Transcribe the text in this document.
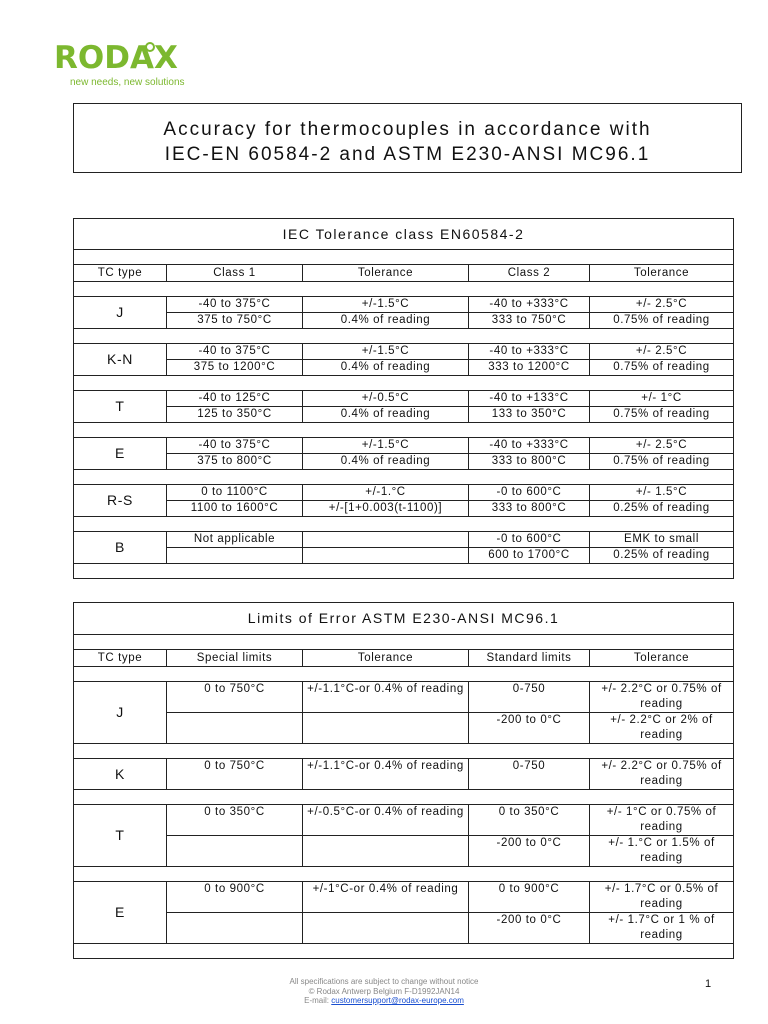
RODAX
new needs, new solutions
Accuracy for thermocouples in accordance with
IEC-EN 60584-2 and ASTM E230-ANSI MC96.1
IEC Tolerance class EN60584-2				

TC type	Class 1	Tolerance	Class 2	Tolerance

J	-40 to 375°C	+/-1.5°C	-40 to +333°C	+/- 2.5°C
	375 to 750°C	0.4% of reading	333 to 750°C	0.75% of reading

K-N	-40 to 375°C	+/-1.5°C	-40 to +333°C	+/- 2.5°C
	375 to 1200°C	0.4% of reading	333 to 1200°C	0.75% of reading

T	-40 to 125°C	+/-0.5°C	-40 to +133°C	+/- 1°C
	125 to 350°C	0.4% of reading	133 to 350°C	0.75% of reading

E	-40 to 375°C	+/-1.5°C	-40 to +333°C	+/- 2.5°C
	375 to 800°C	0.4% of reading	333 to 800°C	0.75% of reading

R-S	0 to 1100°C	+/-1.°C	-0 to 600°C	+/- 1.5°C
	1100 to 1600°C	+/-[1+0.003(t-1100)]	333 to 800°C	0.25% of reading

B	Not applicable		-0 to 600°C	EMK to small
			600 to 1700°C	0.25% of reading

Limits of Error ASTM E230-ANSI MC96.1				

TC type	Special limits	Tolerance	Standard limits	Tolerance

J	0 to 750°C	+/-1.1°C-or 0.4% of reading	0-750	+/- 2.2°C or 0.75% of reading
			-200 to 0°C	+/- 2.2°C or 2% of reading

K	0 to 750°C	+/-1.1°C-or 0.4% of reading	0-750	+/- 2.2°C or 0.75% of reading

T	0 to 350°C	+/-0.5°C-or 0.4% of reading	0 to 350°C	+/- 1°C or 0.75% of reading
			-200 to 0°C	+/- 1.°C or 1.5% of reading

E	0 to 900°C	+/-1°C-or 0.4% of reading	0 to 900°C	+/- 1.7°C or 0.5% of reading
			-200 to 0°C	+/- 1.7°C or 1 % of reading

All specifications are subject to change without notice
© Rodax Antwerp Belgium F-D1992JAN14
E-mail: customersupport@rodax-europe.com
1
